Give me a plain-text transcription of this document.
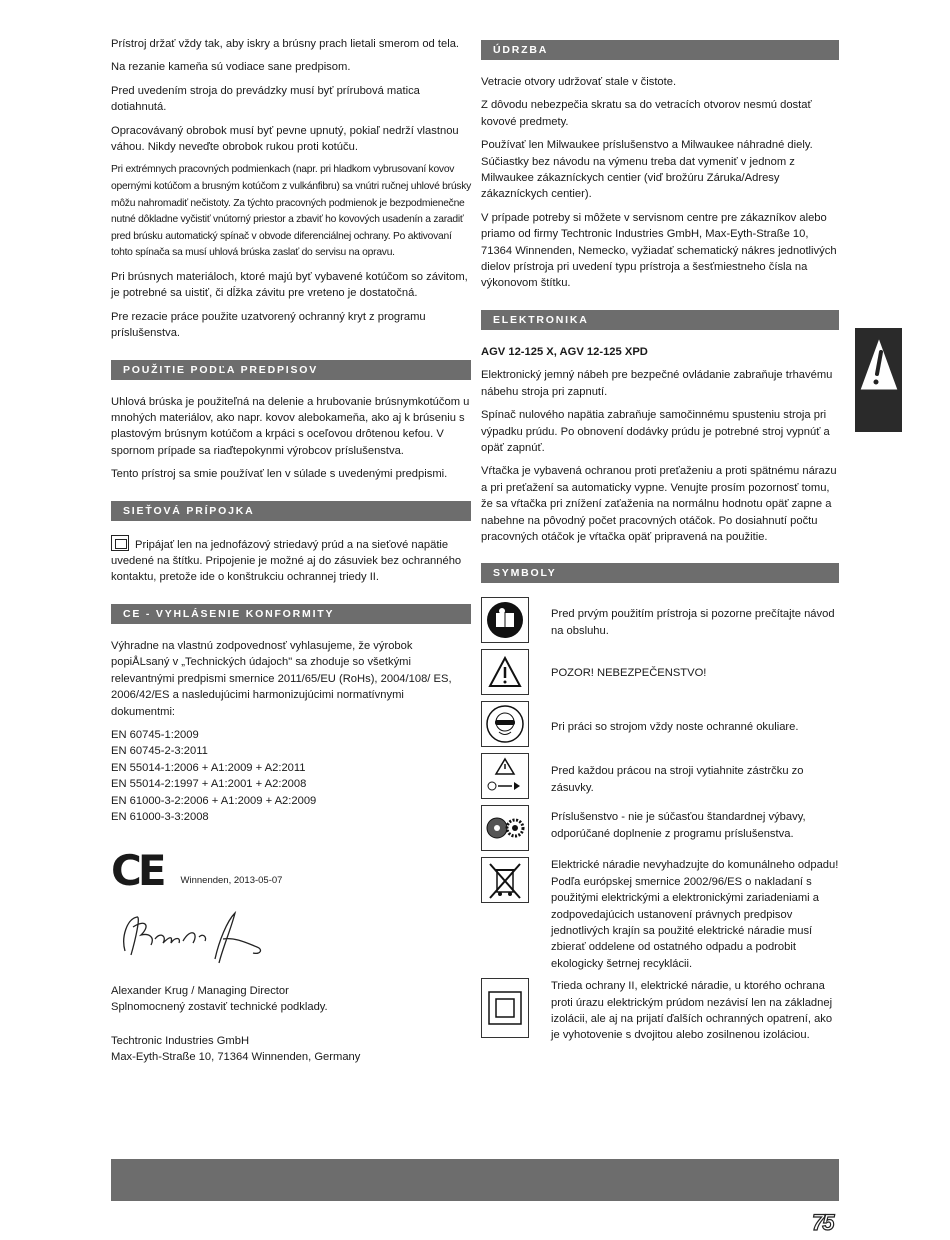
Prístroj držať vždy tak, aby iskry a brúsny prach lietali smerom od tela.

Na rezanie kameňa sú vodiace sane predpisom.

Pred uvedením stroja do prevádzky musí byť prírubová matica dotiahnutá.

Opracovávaný obrobok musí byť pevne upnutý, pokiaľ nedrží vlastnou váhou. Nikdy neveďte obrobok rukou proti kotúču.

Pri extrémnych pracovných podmienkach (napr. pri hladkom vybrusovaní kovov opernými kotúčom a brusným kotúčom z vulkánfibru) sa vnútri ručnej uhlové brúsky môžu nahromadiť nečistoty. Za týchto pracovných podmienok je bezpodmienečne nutné dôkladne vyčistiť vnútorný priestor a zbaviť ho kovových usadenín a zaradiť pred brúsku automatický spínač v obvode diferenciálnej ochrany. Po aktivovaní tohto spínača sa musí uhlová brúska zaslať do servisu na opravu.

Pri brúsnych materiáloch, ktoré majú byť vybavené kotúčom so závitom, je potrebné sa uistiť, či dĺžka závitu pre vreteno je dostatočná.

Pre rezacie práce použite uzatvorený ochranný kryt z programu príslušenstva.

POUŽITIE PODĽA PREDPISOV

Uhlová brúska je použiteľná na delenie a hrubovanie brúsnymkotúčom u mnohých materiálov, ako napr. kovov alebokameňa, ako aj k brúseniu s plastovým brúsnym kotúčom a krpáci s oceľovou drôtenou kefou. V spornom prípade sa riaďtepokynmi výrobcov príslušenstva.

Tento prístroj sa smie používať len v súlade s uvedenými predpismi.

SIEŤOVÁ PRÍPOJKA

Pripájať len na jednofázový striedavý prúd a na sieťové napätie uvedené na štítku. Pripojenie je možné aj do zásuviek bez ochranného kontaktu, pretože ide o konštrukciu ochrannej triedy II.

CE - VYHLÁSENIE KONFORMITY

Výhradne na vlastnú zodpovednosť vyhlasujeme, že výrobok popiÅLsaný v „Technických údajoch" sa zhoduje so všetkými relevantnými predpismi smernice 2011/65/EU (RoHs), 2004/108/ ES, 2006/42/ES a nasledujúcimi harmonizujúcimi normatívnymi dokumentmi:

EN 60745-1:2009

EN 60745-2-3:2011

EN 55014-1:2006 + A1:2009 + A2:2011

EN 55014-2:1997 + A1:2001 + A2:2008

EN 61000-3-2:2006 + A1:2009 + A2:2009

EN 61000-3-3:2008

CE Winnenden, 2013-05-07

Alexander Krug / Managing Director

Splnomocnený zostaviť technické podklady.

Techtronic Industries GmbH

Max-Eyth-Straße 10, 71364 Winnenden, Germany

ÚDRZBA

Vetracie otvory udržovať stale v čistote.

Z dôvodu nebezpečia skratu sa do vetracích otvorov nesmú dostať kovové predmety.

Používať len Milwaukee príslušenstvo a Milwaukee náhradné diely. Súčiastky bez návodu na výmenu treba dat vymeniť v jednom z Milwaukee zákazníckych centier (viď brožúru Záruka/Adresy zákazníckych centier).

V prípade potreby si môžete v servisnom centre pre zákazníkov alebo priamo od firmy Techtronic Industries GmbH, Max-Eyth-Straße 10, 71364 Winnenden, Nemecko, vyžiadať schematický nákres jednotlivých dielov prístroja pri uvedení typu prístroja a šesťmiestneho čísla na výkonovom štítku.

ELEKTRONIKA

AGV 12-125 X, AGV 12-125 XPD

Elektronický jemný nábeh pre bezpečné ovládanie zabraňuje trhavému nábehu stroja pri zapnutí.

Spínač nulového napätia zabraňuje samočinnému spusteniu stroja pri výpadku prúdu. Po obnovení dodávky prúdu je potrebné stroj vypnúť a opäť zapnúť.

Vŕtačka je vybavená ochranou proti preťaženiu a proti spätnému nárazu a pri preťažení sa automaticky vypne. Venujte prosím pozornosť tomu, že sa vŕtačka pri znížení zaťaženia na normálnu hodnotu opäť zapne a nabehne na pôvodný počet pracovných otáčok. Po dosiahnutí počtu pracovných otáčok je vŕtačka opäť pripravená na použitie.

SYMBOLY
Pred prvým použitím prístroja si pozorne prečítajte návod na obsluhu.
POZOR! NEBEZPEČENSTVO!
Pri práci so strojom vždy noste ochranné okuliare.
Pred každou prácou na stroji vytiahnite zástrčku zo zásuvky.
Príslušenstvo - nie je súčasťou štandardnej výbavy, odporúčané doplnenie z programu príslušenstva.
Elektrické náradie nevyhadzujte do komunálneho odpadu! Podľa európskej smernice 2002/96/ES o nakladaní s použitými elektrickými a elektronickými zariadeniami a zodpovedajúcich ustanovení právnych predpisov jednotlivých krajín sa použité elektrické náradie musí zbierať oddelene od ostatného odpadu a podrobit ekologicky šetrnej recyklácii.
Trieda ochrany II, elektrické náradie, u ktorého ochrana proti úrazu elektrickým prúdom nezávisí len na základnej izolácii, ale aj na prijatí ďalších ochranných opatrení, ako je vyhotovenie s dvojitou alebo zosilnenou izoláciou.
75
